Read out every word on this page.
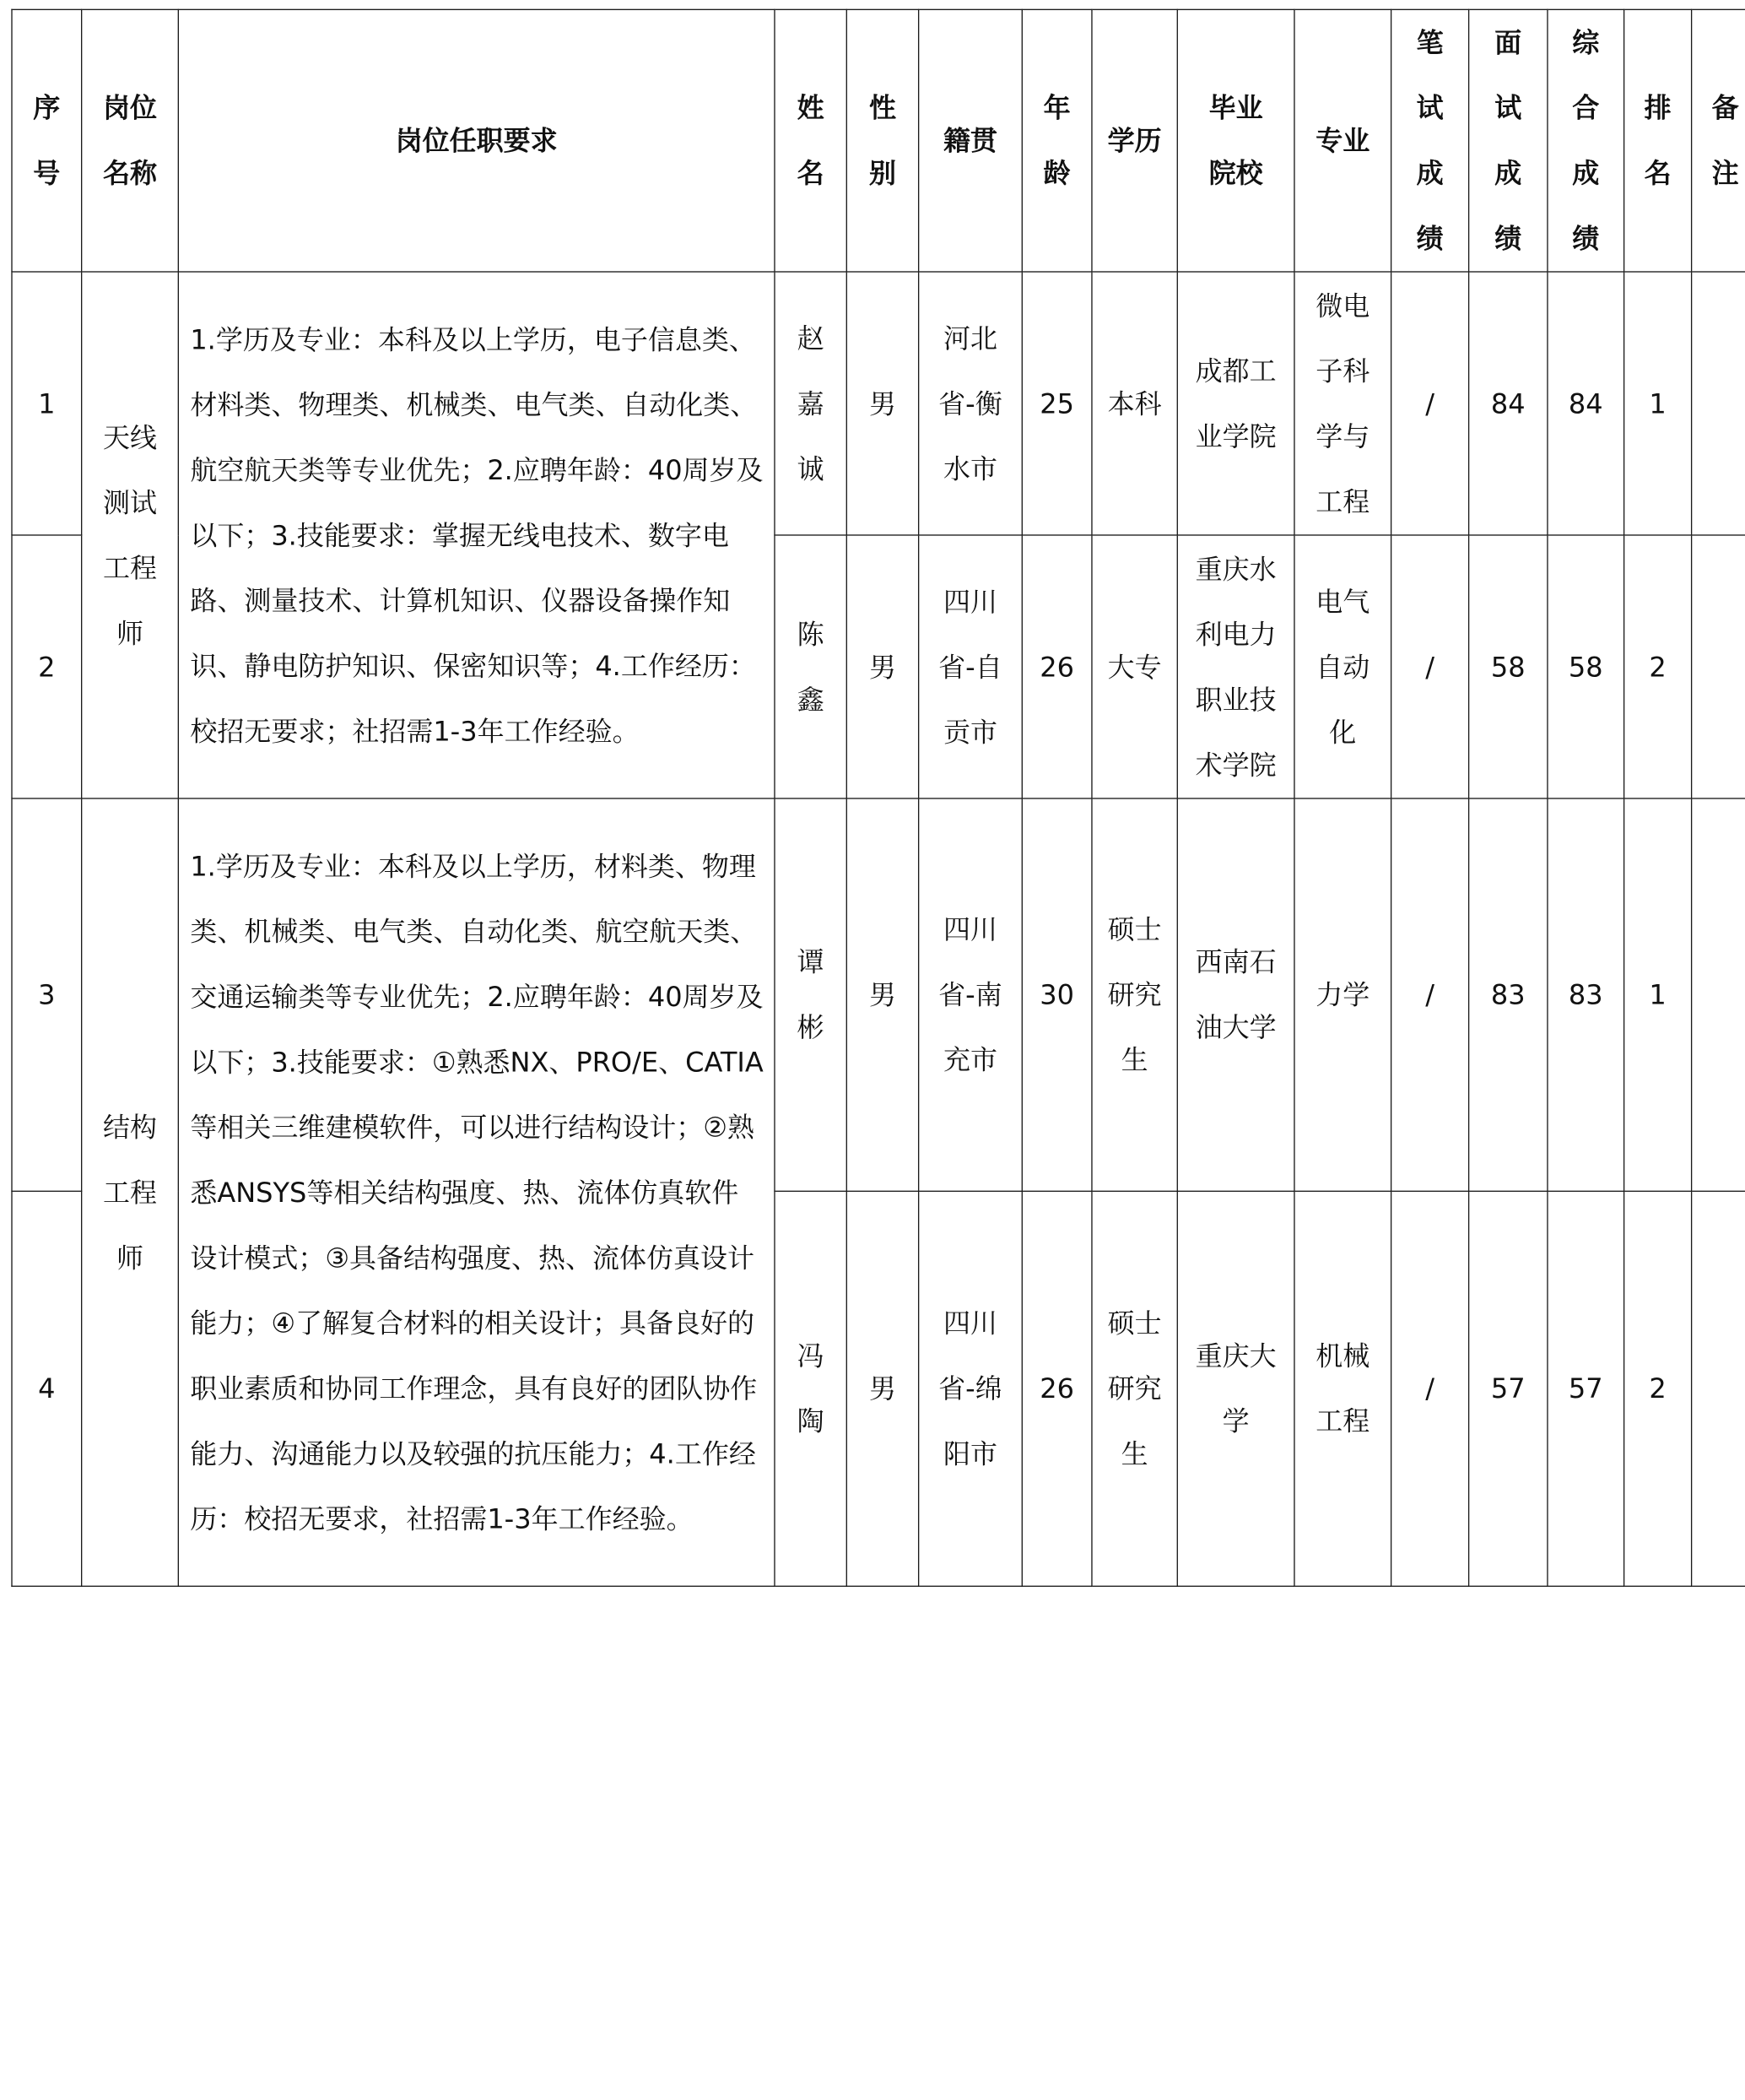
序号	岗位名称	岗位任职要求	姓名	性别	籍贯	年龄	学历	毕业院校	专业	笔试成绩	面试成绩	综合成绩	排名	备注

1	天线测试工程师	1.学历及专业：本科及以上学历，电子信息类、材料类、物理类、机械类、电气类、自动化类、航空航天类等专业优先；2.应聘年龄：40周岁及以下；3.技能要求：掌握无线电技术、数字电路、测量技术、计算机知识、仪器设备操作知识、静电防护知识、保密知识等；4.工作经历：校招无要求；社招需1-3年工作经验。	赵嘉诚	男	河北省-衡水市	25	本科	成都工业学院	微电子科学与工程	/	84	84	1	
2			陈鑫	男	四川省-自贡市	26	大专	重庆水利电力职业技术学院	电气自动化	/	58	58	2	
3	结构工程师	1.学历及专业：本科及以上学历，材料类、物理类、机械类、电气类、自动化类、航空航天类、交通运输类等专业优先；2.应聘年龄：40周岁及以下；3.技能要求：①熟悉NX、PRO/E、CATIA等相关三维建模软件，可以进行结构设计；②熟悉ANSYS等相关结构强度、热、流体仿真软件设计模式；③具备结构强度、热、流体仿真设计能力；④了解复合材料的相关设计；具备良好的职业素质和协同工作理念，具有良好的团队协作能力、沟通能力以及较强的抗压能力；4.工作经历：校招无要求，社招需1-3年工作经验。	谭彬	男	四川省-南充市	30	硕士研究生	西南石油大学	力学	/	83	83	1	
4			冯陶	男	四川省-绵阳市	26	硕士研究生	重庆大学	机械工程	/	57	57	2	
